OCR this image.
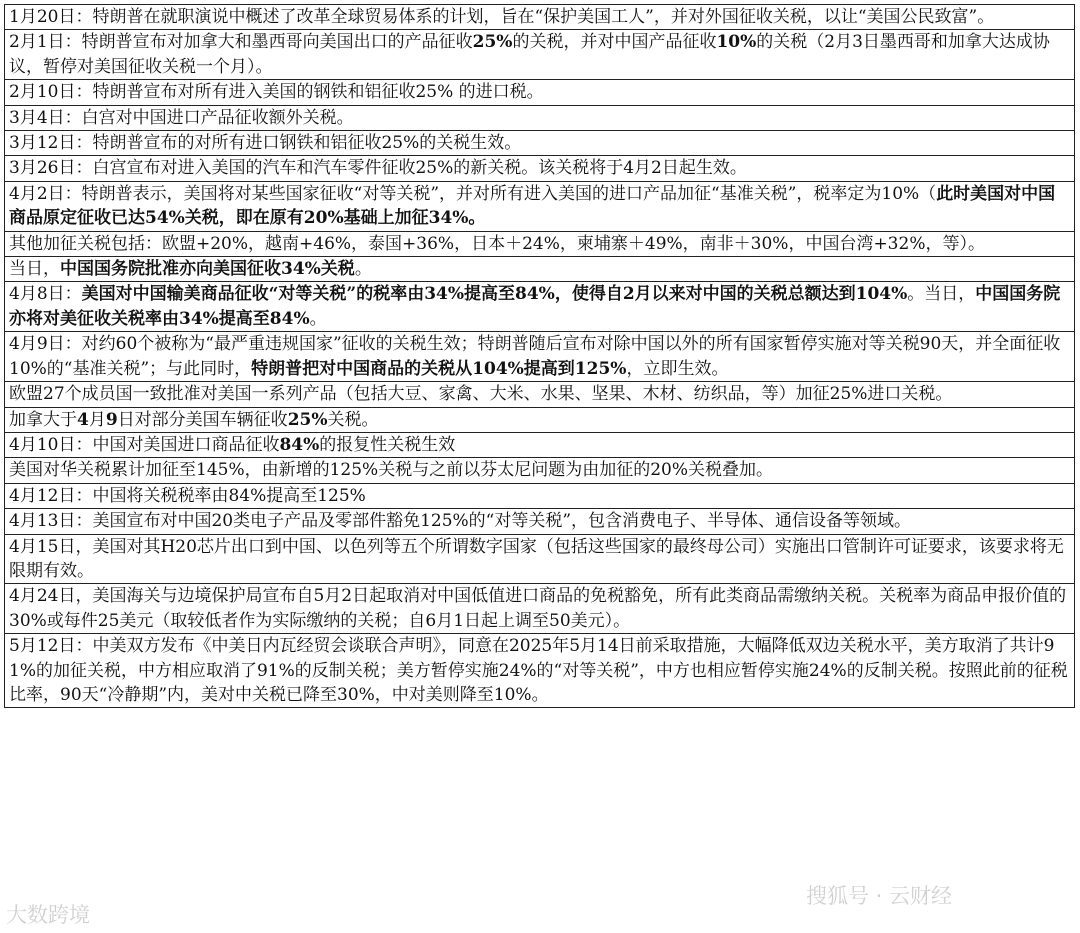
1月20日：特朗普在就职演说中概述了改革全球贸易体系的计划，旨在“保护美国工人”，并对外国征收关税，以让“美国公民致富”。
2月1日：特朗普宣布对加拿大和墨西哥向美国出口的产品征收25%的关税，并对中国产品征收10%的关税（2月3日墨西哥和加拿大达成协议，暂停对美国征收关税一个月）。
2月10日：特朗普宣布对所有进入美国的钢铁和铝征收25% 的进口税。
3月4日：白宫对中国进口产品征收额外关税。
3月12日：特朗普宣布的对所有进口钢铁和铝征收25%的关税生效。
3月26日：白宫宣布对进入美国的汽车和汽车零件征收25%的新关税。该关税将于4月2日起生效。
4月2日：特朗普表示，美国将对某些国家征收“对等关税”，并对所有进入美国的进口产品加征“基准关税”，税率定为10%（此时美国对中国商品原定征收已达54%关税，即在原有20%基础上加征34%。
其他加征关税包括：欧盟+20%，越南+46%，泰国+36%，日本＋24%，柬埔寨＋49%，南非＋30%，中国台湾+32%，等）。
当日，中国国务院批准亦向美国征收34%关税。
4月8日：美国对中国输美商品征收“对等关税”的税率由34%提高至84%，使得自2月以来对中国的关税总额达到104%。当日，中国国务院亦将对美征收关税率由34%提高至84%。
4月9日：对约60个被称为“最严重违规国家”征收的关税生效；特朗普随后宣布对除中国以外的所有国家暂停实施对等关税90天，并全面征收10%的“基准关税”；与此同时，特朗普把对中国商品的关税从104%提高到125%，立即生效。
欧盟27个成员国一致批准对美国一系列产品（包括大豆、家禽、大米、水果、坚果、木材、纺织品，等）加征25%进口关税。
加拿大于4月9日对部分美国车辆征收25%关税。
4月10日：中国对美国进口商品征收84%的报复性关税生效
美国对华关税累计加征至145%，由新增的125%关税与之前以芬太尼问题为由加征的20%关税叠加。
4月12日：中国将关税税率由84%提高至125%
4月13日：美国宣布对中国20类电子产品及零部件豁免125%的“对等关税”，包含消费电子、半导体、通信设备等领域。
4月15日，美国对其H20芯片出口到中国、以色列等五个所谓数字国家（包括这些国家的最终母公司）实施出口管制许可证要求，该要求将无限期有效。
4月24日，美国海关与边境保护局宣布自5月2日起取消对中国低值进口商品的免税豁免，所有此类商品需缴纳关税。关税率为商品申报价值的30%或每件25美元（取较低者作为实际缴纳的关税；自6月1日起上调至50美元）。
5月12日：中美双方发布《中美日内瓦经贸会谈联合声明》，同意在2025年5月14日前采取措施，大幅降低双边关税水平，美方取消了共计91%的加征关税，中方相应取消了91%的反制关税；美方暂停实施24%的“对等关税”，中方也相应暂停实施24%的反制关税。按照此前的征税比率，90天“冷静期”内，美对中关税已降至30%，中对美则降至10%。
大数跨境
搜狐号 · 云财经
